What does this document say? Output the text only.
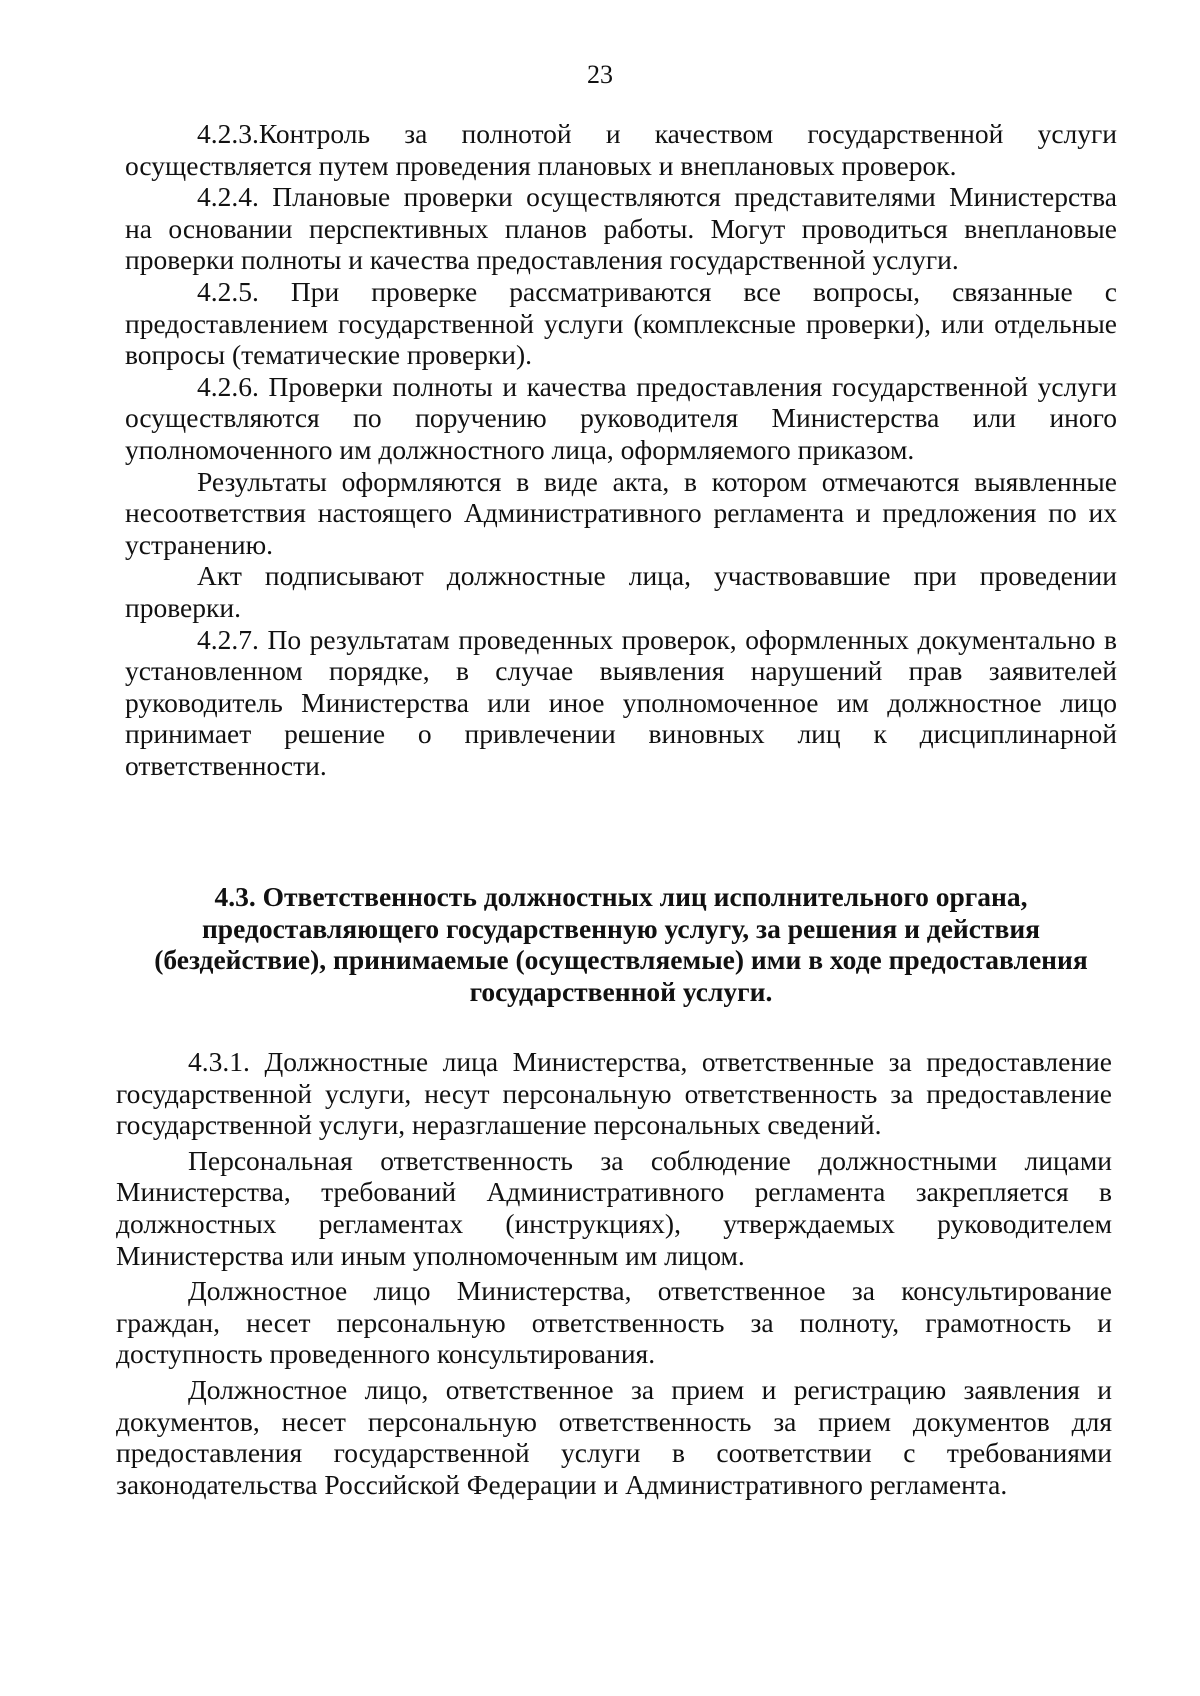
23

4.2.3.Контроль за полнотой и качеством государственной услуги осуществляется путем проведения плановых и внеплановых проверок.

4.2.4. Плановые проверки осуществляются представителями Министерства на основании перспективных планов работы. Могут проводиться внеплановые проверки полноты и качества предоставления государственной услуги.

4.2.5. При проверке рассматриваются все вопросы, связанные с предоставлением государственной услуги (комплексные проверки), или отдельные вопросы (тематические проверки).

4.2.6. Проверки полноты и качества предоставления государственной услуги осуществляются по поручению руководителя Министерства или иного уполномоченного им должностного лица, оформляемого приказом.

Результаты оформляются в виде акта, в котором отмечаются выявленные несоответствия настоящего Административного регламента и предложения по их устранению.

Акт подписывают должностные лица, участвовавшие при проведении проверки.

4.2.7. По результатам проведенных проверок, оформленных документально в установленном порядке, в случае выявления нарушений прав заявителей руководитель Министерства или иное уполномоченное им должностное лицо принимает решение о привлечении виновных лиц к дисциплинарной ответственности.

4.3. Ответственность должностных лиц исполнительного органа, предоставляющего государственную услугу, за решения и действия (бездействие), принимаемые (осуществляемые) ими в ходе предоставления государственной услуги.

4.3.1. Должностные лица Министерства, ответственные за предоставление государственной услуги, несут персональную ответственность за предоставление государственной услуги, неразглашение персональных сведений.

Персональная ответственность за соблюдение должностными лицами Министерства, требований Административного регламента закрепляется в должностных регламентах (инструкциях), утверждаемых руководителем Министерства или иным уполномоченным им лицом.

Должностное лицо Министерства, ответственное за консультирование граждан, несет персональную ответственность за полноту, грамотность и доступность проведенного консультирования.

Должностное лицо, ответственное за прием и регистрацию заявления и документов, несет персональную ответственность за прием документов для предоставления государственной услуги в соответствии с требованиями законодательства Российской Федерации и Административного регламента.
